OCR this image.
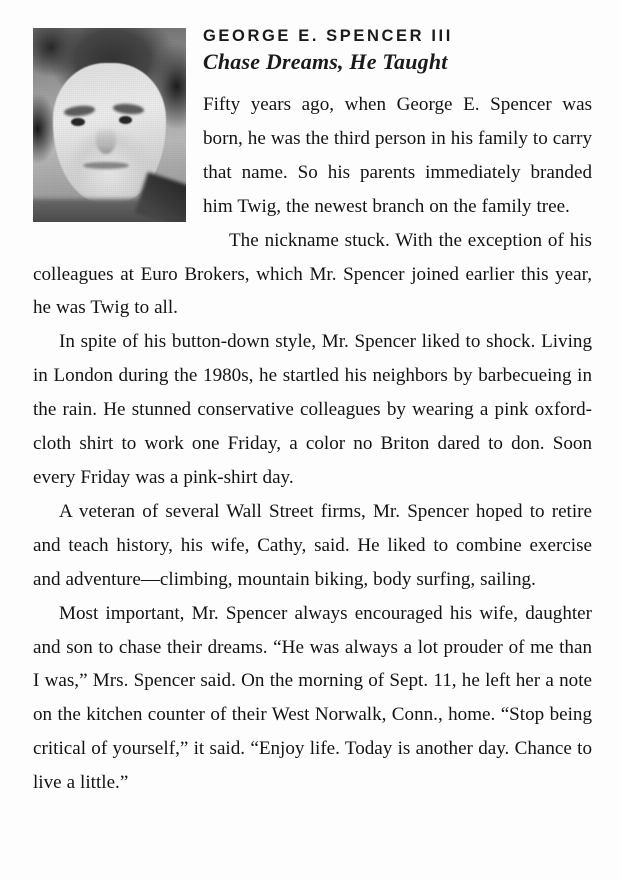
GEORGE E. SPENCER III
Chase Dreams, He Taught

Fifty years ago, when George E. Spencer was born, he was the third person in his family to carry that name. So his parents immediately branded him Twig, the newest branch on the family tree.

The nickname stuck. With the exception of his colleagues at Euro Brokers, which Mr. Spencer joined earlier this year, he was Twig to all.

In spite of his button-down style, Mr. Spencer liked to shock. Living in London during the 1980s, he startled his neighbors by barbecueing in the rain. He stunned conservative colleagues by wearing a pink oxford-cloth shirt to work one Friday, a color no Briton dared to don. Soon every Friday was a pink-shirt day.

A veteran of several Wall Street firms, Mr. Spencer hoped to retire and teach history, his wife, Cathy, said. He liked to combine exercise and adventure—climbing, mountain biking, body surfing, sailing.

Most important, Mr. Spencer always encouraged his wife, daughter and son to chase their dreams. “He was always a lot prouder of me than I was,” Mrs. Spencer said. On the morning of Sept. 11, he left her a note on the kitchen counter of their West Norwalk, Conn., home. “Stop being critical of yourself,” it said. “Enjoy life. Today is another day. Chance to live a little.”
